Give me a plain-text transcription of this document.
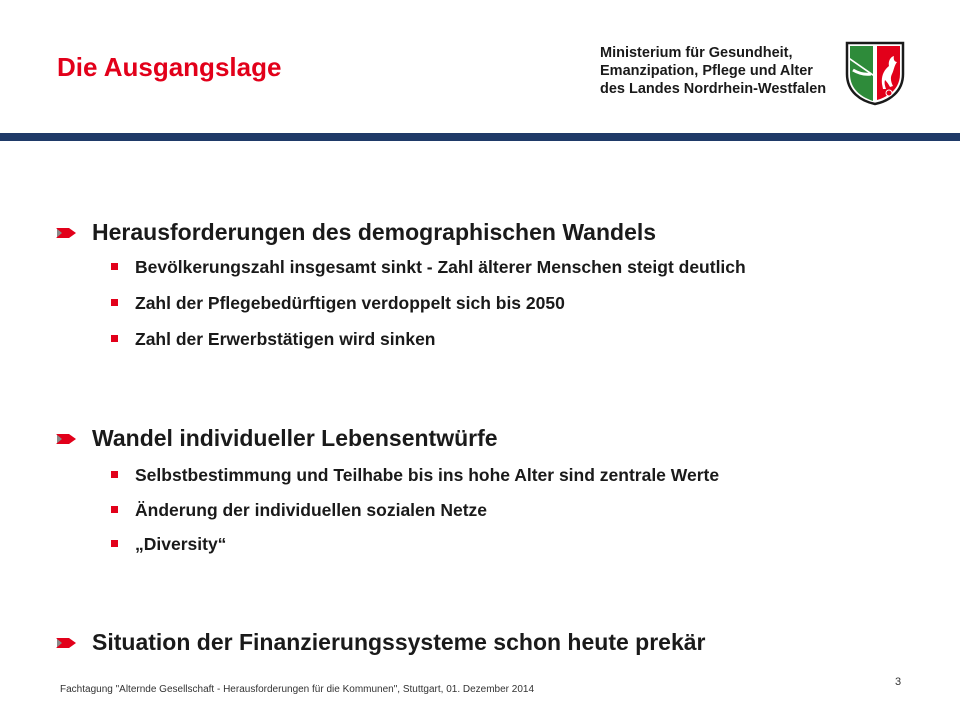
Die Ausgangslage	Ministerium für Gesundheit,
Emanzipation, Pflege und Alter
des Landes Nordrhein-Westfalen
Herausforderungen des demographischen Wandels
Bevölkerungszahl insgesamt sinkt - Zahl älterer Menschen steigt deutlich
Zahl der Pflegebedürftigen verdoppelt sich bis 2050
Zahl der Erwerbstätigen wird sinken
Wandel individueller Lebensentwürfe
Selbstbestimmung und Teilhabe bis ins hohe Alter sind zentrale Werte
Änderung der individuellen sozialen Netze
„Diversity“
Situation der Finanzierungssysteme schon heute prekär
Fachtagung "Alternde Gesellschaft - Herausforderungen für die Kommunen", Stuttgart, 01. Dezember 2014
3
